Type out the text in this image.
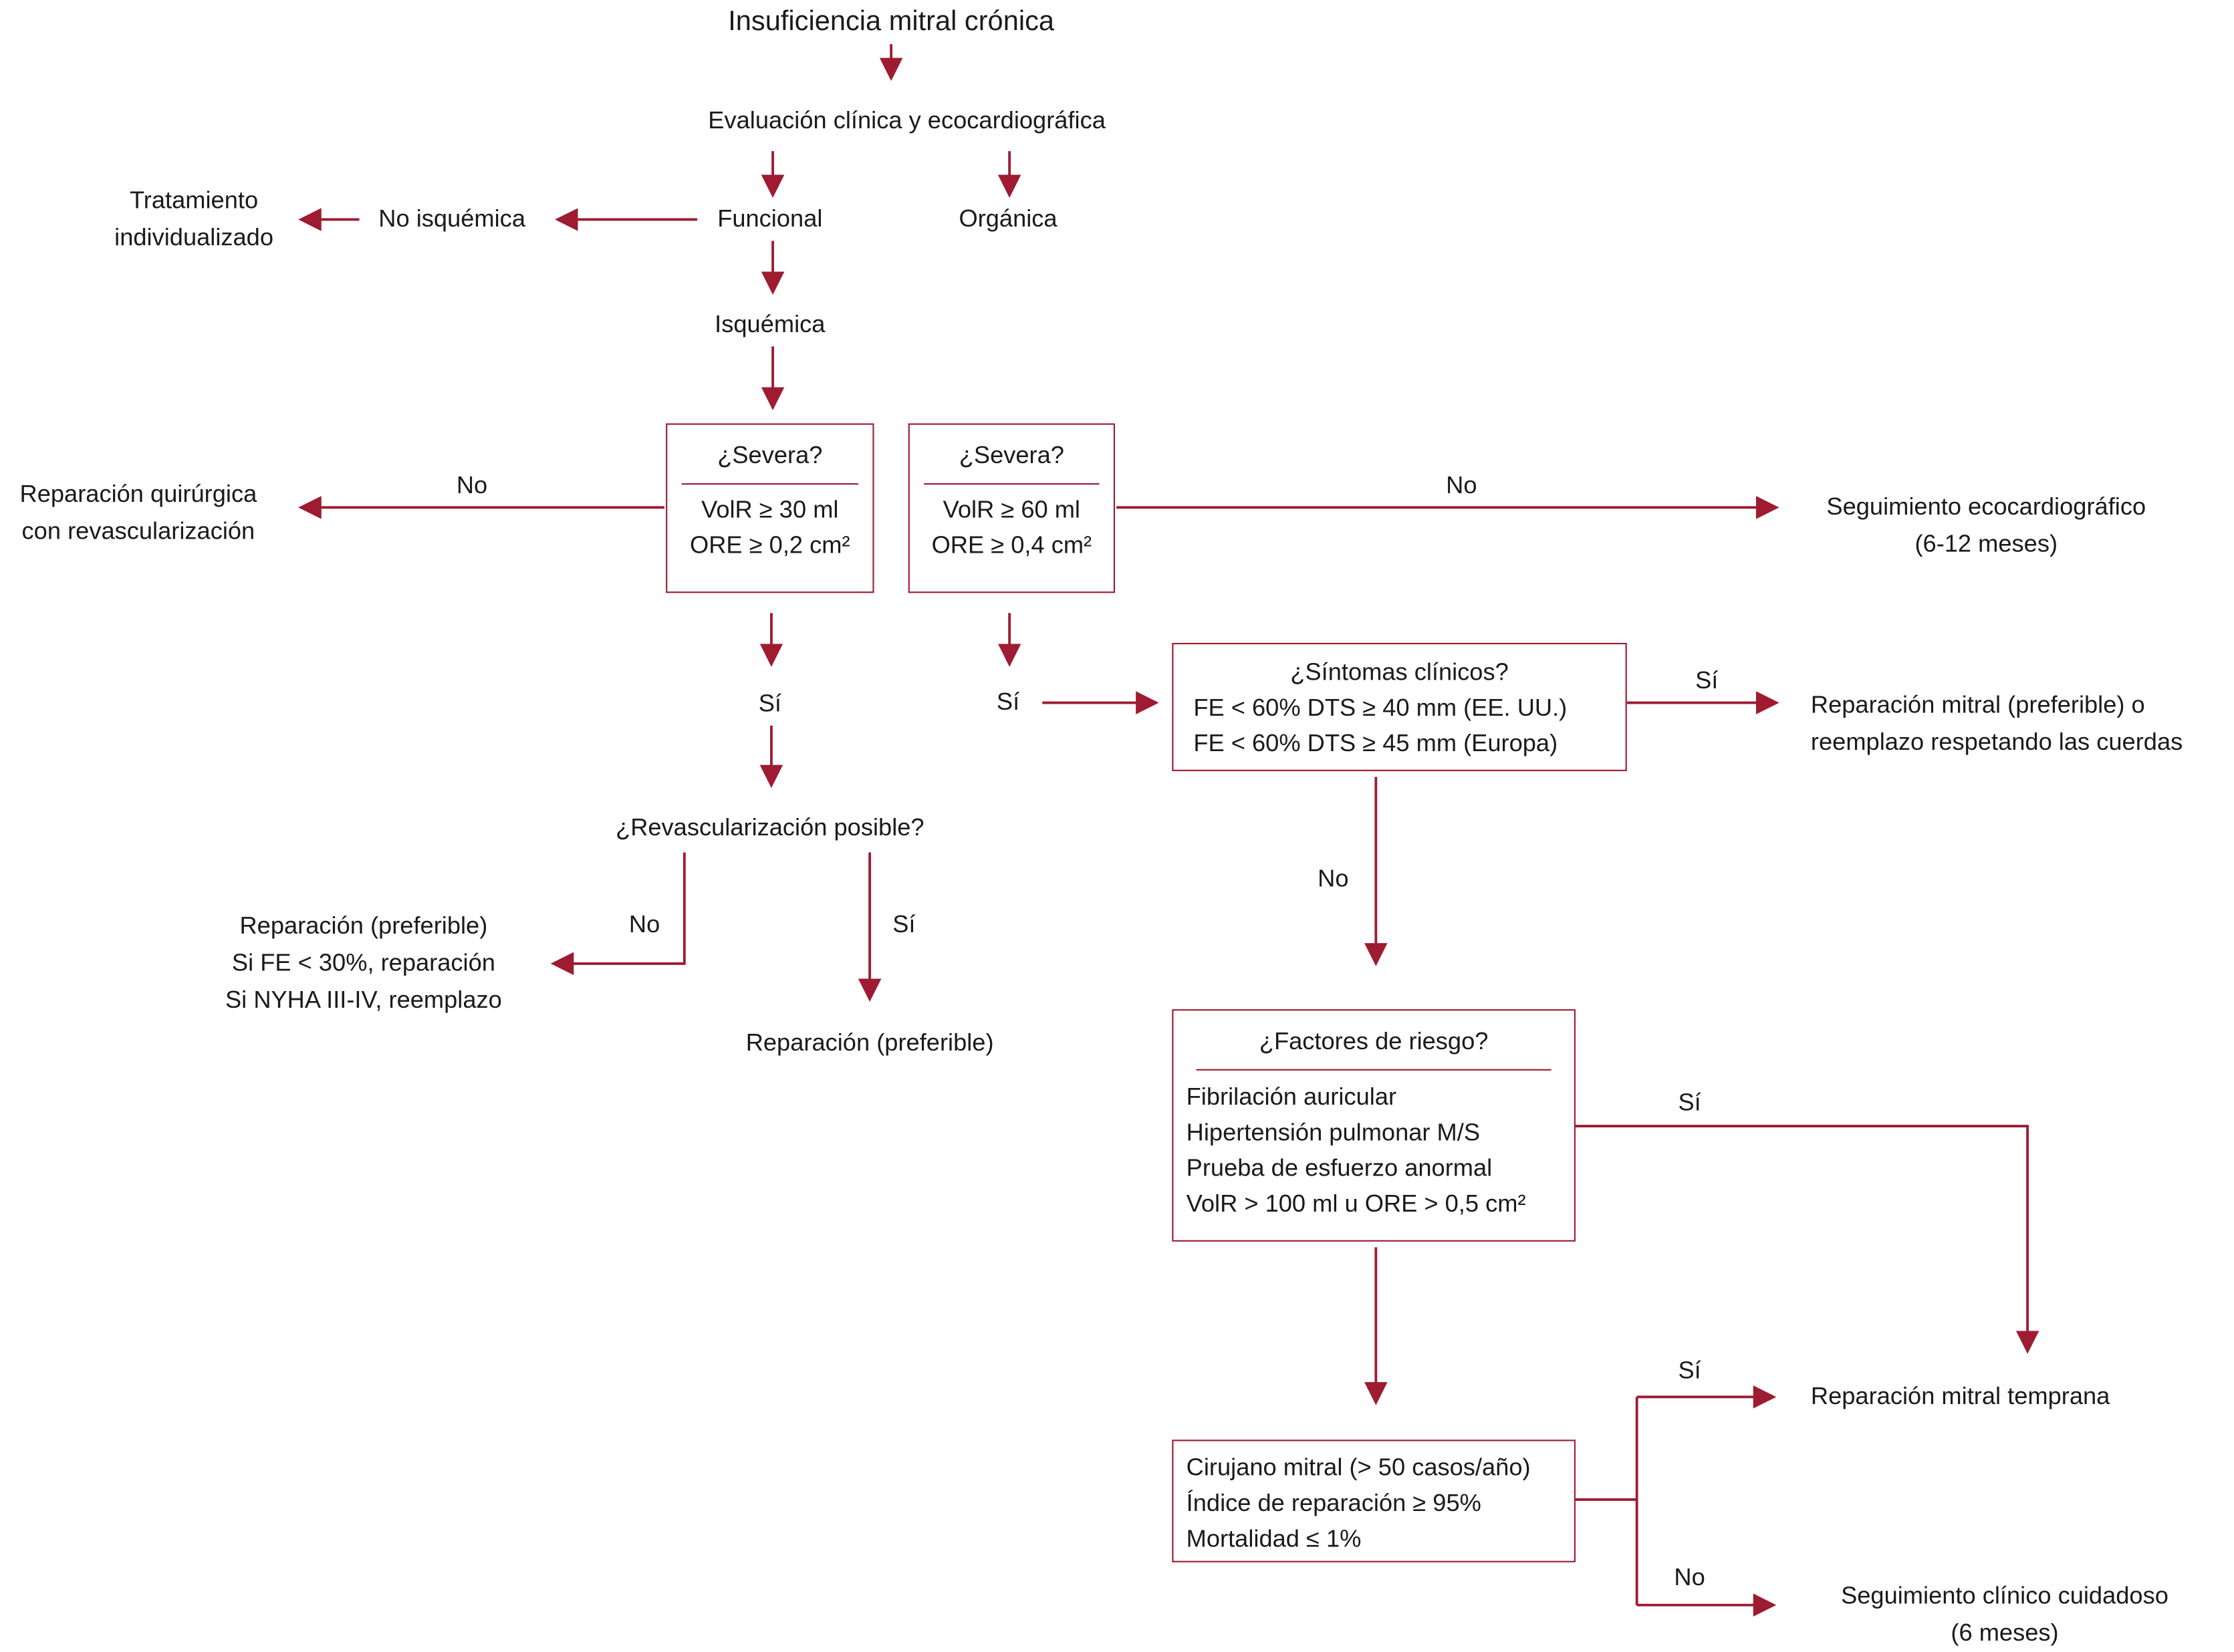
Insuficiencia mitral crónica
Evaluación clínica y ecocardiográfica
Funcional	Orgánica
No isquémica
Tratamiento
individualizado
Isquémica
Reparación quirúrgica
con revascularización
Seguimiento ecocardiográfico
(6-12 meses)
¿Revascularización posible?
Reparación (preferible)
Si FE < 30%, reparación
Si NYHA III-IV, reemplazo
Reparación (preferible)
Reparación mitral (preferible) o
reemplazo respetando las cuerdas
Reparación mitral temprana
Seguimiento clínico cuidadoso
(6 meses)
No	No
Sí	Sí
Sí
No
No	Sí
Sí
Sí
No
¿Severa?
VolR ≥ 30 ml
ORE ≥ 0,2 cm²
¿Severa?
VolR ≥ 60 ml
ORE ≥ 0,4 cm²
¿Síntomas clínicos?
FE < 60% DTS ≥ 40 mm (EE. UU.)
FE < 60% DTS ≥ 45 mm (Europa)
¿Factores de riesgo?
Fibrilación auricular
Hipertensión pulmonar M/S
Prueba de esfuerzo anormal
VolR > 100 ml u ORE > 0,5 cm²
Cirujano mitral (> 50 casos/año)
Índice de reparación ≥ 95%
Mortalidad ≤ 1%
